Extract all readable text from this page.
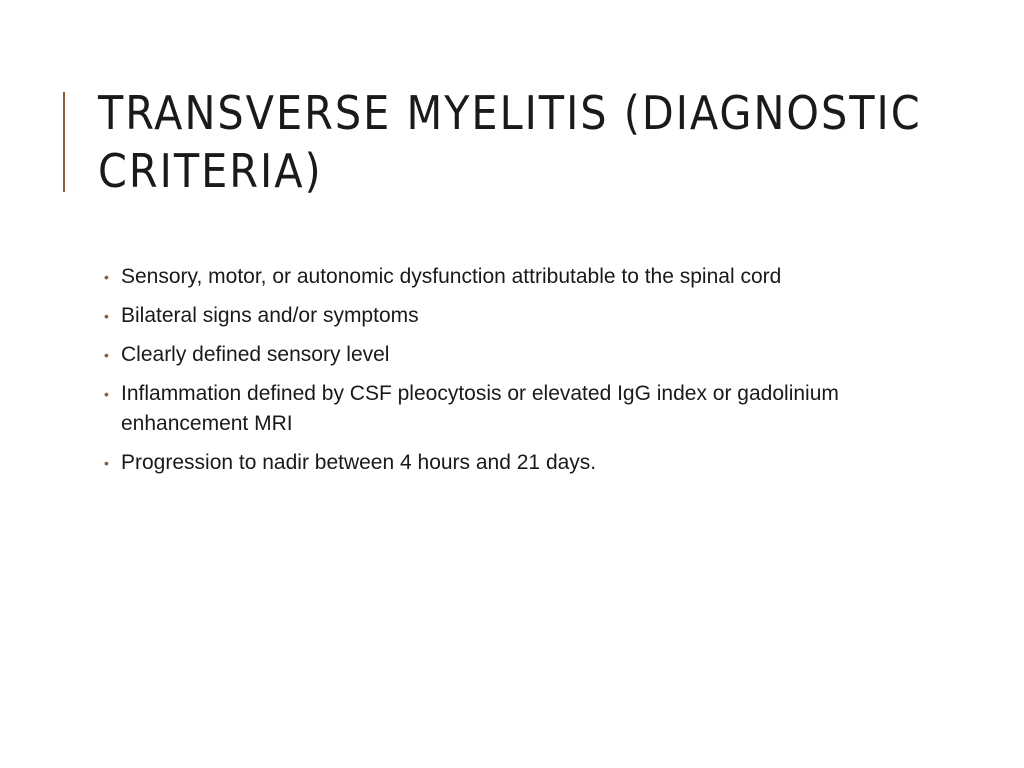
TRANSVERSE MYELITIS (DIAGNOSTIC CRITERIA)
• Sensory, motor, or autonomic dysfunction attributable to the spinal cord
• Bilateral signs and/or symptoms
• Clearly defined sensory level
• Inflammation defined by CSF pleocytosis or elevated IgG index or gadolinium enhancement MRI
• Progression to nadir between 4 hours and 21 days.
